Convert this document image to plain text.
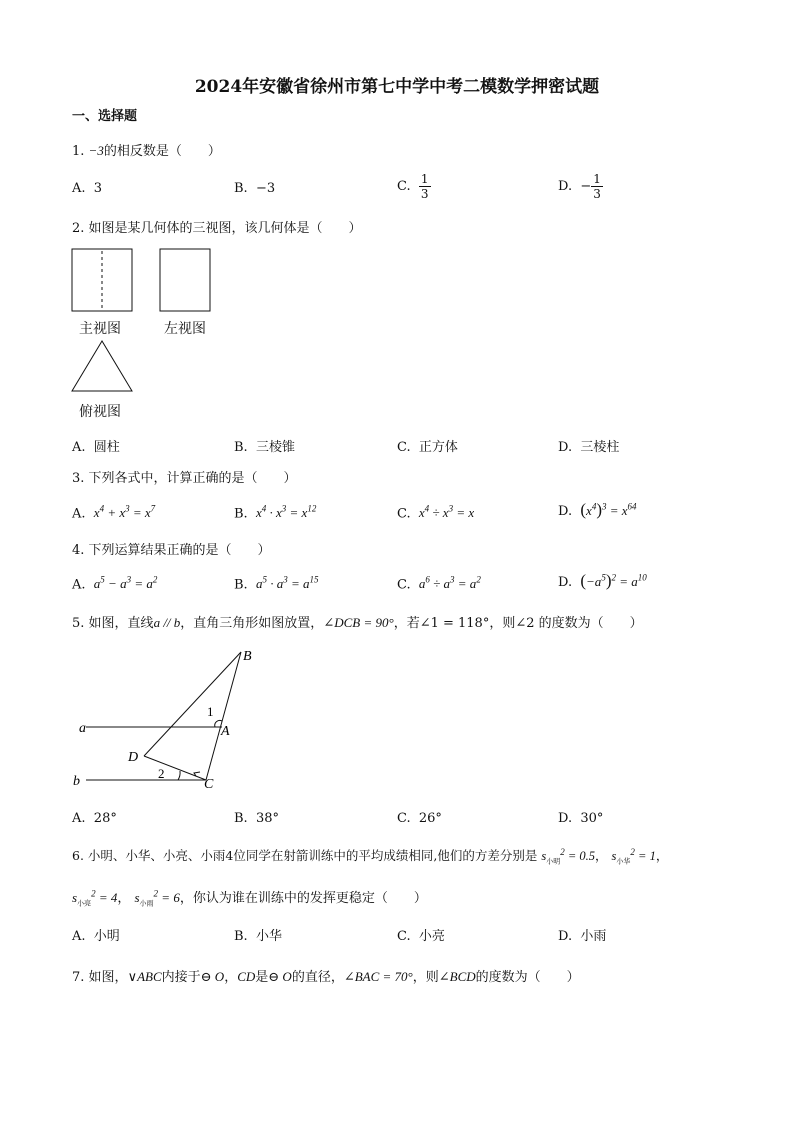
2024年安徽省徐州市第七中学中考二模数学押密试题
一、选择题
1. −3的相反数是（　　）
A. 3	B. −3	C. $\frac{1}{3}$	D. − $\frac{1}{3}$
2. 如图是某几何体的三视图，该几何体是（　　）
主视图	左视图
俯视图
A. 圆柱	B. 三棱锥	C. 正方体	D. 三棱柱
3. 下列各式中，计算正确的是（　　）
A. $x^4 + x^3 = x^7$	B. $x^4 \cdot x^3 = x^{12}$	C. $x^4 \div x^3 = x$	D. $(x^4)^3 = x^{64}$
4. 下列运算结果正确的是（　　）
A. $a^5 - a^3 = a^2$	B. $a^5 \cdot a^3 = a^{15}$	C. $a^6 \div a^3 = a^2$	D. $(-a^5)^2 = a^{10}$
5. 如图，直线a // b，直角三角形如图放置，∠DCB = 90°，若∠1 = 118°，则∠2 的度数为（　　）
B
a
1
A
D
2
b	C
A. 28°	B. 38°	C. 26°	D. 30°
6. 小明、小华、小亮、小雨4位同学在射箭训练中的平均成绩相同,他们的方差分别是 $s_{小明}^2 = 0.5$， $s_{小华}^2 = 1$，
$s_{小亮}^2 = 4$， $s_{小雨}^2 = 6$，你认为谁在训练中的发挥更稳定（　　）
A. 小明	B. 小华	C. 小亮	D. 小雨
7. 如图，∨ABC内接于⊖ O，CD是⊖ O的直径，∠BAC = 70°，则∠BCD的度数为（　　）
